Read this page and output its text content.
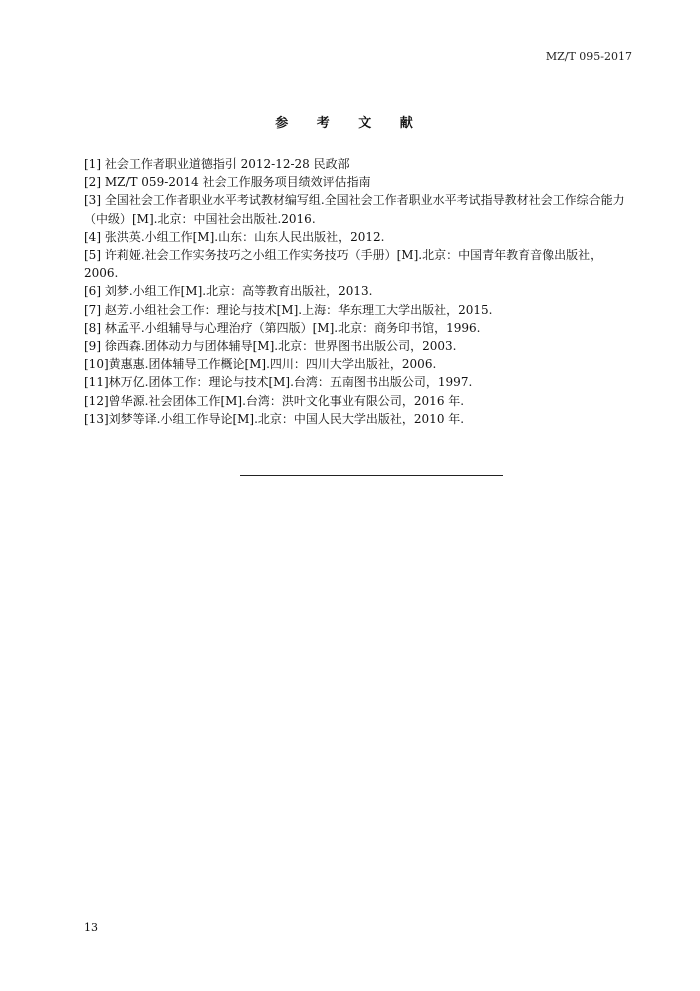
MZ/T 095-2017
参 考 文 献

[1] 社会工作者职业道德指引 2012-12-28 民政部

[2] MZ/T 059-2014 社会工作服务项目绩效评估指南

[3] 全国社会工作者职业水平考试教材编写组.全国社会工作者职业水平考试指导教材社会工作综合能力（中级）[M].北京：中国社会出版社.2016.

[4] 张洪英.小组工作[M].山东：山东人民出版社，2012.

[5] 许莉娅.社会工作实务技巧之小组工作实务技巧（手册）[M].北京：中国青年教育音像出版社，2006.

[6] 刘梦.小组工作[M].北京：高等教育出版社，2013.

[7] 赵芳.小组社会工作：理论与技术[M].上海：华东理工大学出版社，2015.

[8] 林孟平.小组辅导与心理治疗（第四版）[M].北京：商务印书馆，1996.

[9] 徐西森.团体动力与团体辅导[M].北京：世界图书出版公司，2003.

[10]黄惠惠.团体辅导工作概论[M].四川：四川大学出版社，2006.

[11]林万亿.团体工作：理论与技术[M].台湾：五南图书出版公司，1997.

[12]曾华源.社会团体工作[M].台湾：洪叶文化事业有限公司，2016 年.

[13]刘梦等译.小组工作导论[M].北京：中国人民大学出版社，2010 年.

13
